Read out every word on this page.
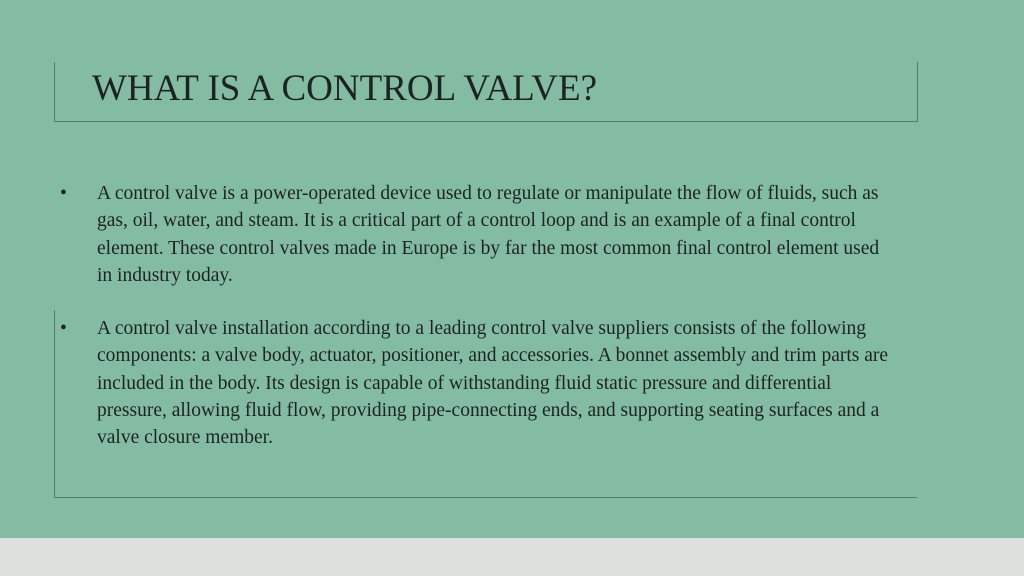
WHAT IS A CONTROL VALVE?
•	A control valve is a power-operated device used to regulate or manipulate the flow of fluids, such as gas, oil, water, and steam. It is a critical part of a control loop and is an example of a final control element. These control valves made in Europe is by far the most common final control element used in industry today.
•	A control valve installation according to a leading control valve suppliers consists of the following components: a valve body, actuator, positioner, and accessories. A bonnet assembly and trim parts are included in the body. Its design is capable of withstanding fluid static pressure and differential pressure, allowing fluid flow, providing pipe-connecting ends, and supporting seating surfaces and a valve closure member.
